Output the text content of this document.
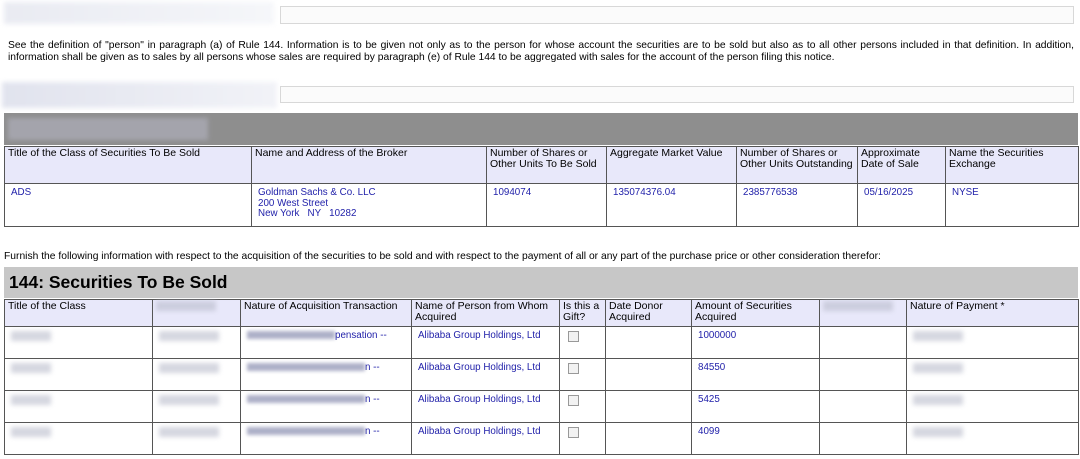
See the definition of "person" in paragraph (a) of Rule 144. Information is to be given not only as to the person for whose account the securities are to be sold but also as to all other persons included in that definition. In addition, information shall be given as to sales by all persons whose sales are required by paragraph (e) of Rule 144 to be aggregated with sales for the account of the person filing this notice.
Title of the Class of Securities To Be Sold	Name and Address of the Broker	Number of Shares or Other Units To Be Sold	Aggregate Market Value	Number of Shares or Other Units Outstanding	Approximate Date of Sale	Name the Securities Exchange
ADS	Goldman Sachs & Co. LLC
200 West Street
New York   NY   10282	1094074	135074376.04	2385776538	05/16/2025	NYSE
Furnish the following information with respect to the acquisition of the securities to be sold and with respect to the payment of all or any part of the purchase price or other consideration therefor:
144: Securities To Be Sold
Title of the Class		Nature of Acquisition Transaction	Name of Person from Whom Acquired	Is this a Gift?	Date Donor Acquired	Amount of Securities Acquired		Nature of Payment *
		pensation --	Alibaba Group Holdings, Ltd			1000000		
		n --	Alibaba Group Holdings, Ltd			84550		
		n --	Alibaba Group Holdings, Ltd			5425		
		n --	Alibaba Group Holdings, Ltd			4099		
